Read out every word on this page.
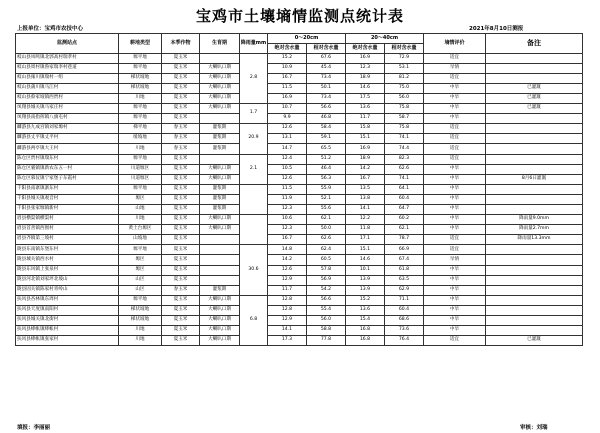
宝鸡市土壤墒情监测点统计表
上报单位：宝鸡市农技中心	2021年8月10日测报
监测站点	耕地类型	本季作物	生育期	降雨量mm	0～20cm		20～40cm		墒情评价	备注
					绝对含水量	相对含水量	绝对含水量	相对含水量		
岐山县凤鸣镇北郭高村瑞孝村	塬平地	夏玉米		2.8	15.2	67.6	16.9	72.9	适宜	
岐山县周村镇鲁家瑞李村巷道	塬平地	夏玉米	大喇叭口期		10.9	45.4	12.3	53.1	旱情	
岐山县雍川镇瑞村一组	梯状坡地	夏玉米	大喇叭口期		16.7	73.4	18.9	81.2	适宜	
岐山县蒲川镇马江村	梯状坡地	夏玉米	大喇叭口期		11.5	50.1	14.6	75.0	中旱	已灌溉
岐山县蔡家坡镇西贾村	川地	夏玉米	大喇叭口期		16.9	73.4	17.5	56.0	中旱	已灌溉
凤翔县城关镇马家庄村	塬平地	夏玉米	大喇叭口期	1.7	10.7	56.6	13.6	75.8	中旱	已灌溉
凤翔县南指挥镇八旗屯村	塬平地	夏玉米			9.9	46.8	11.7	58.7	中旱	
麟游县九成宫镇刘家塬村	梯平地	春玉米	灌浆期	20.9	12.6	58.4	15.8	75.8	适宜	
麟游县丈平镇丈平村	缓坡地	春玉米	灌浆期		13.1	59.1	15.1	74.1	适宜	
麟游县两亭镇大王村	川地	春玉米	灌浆期		14.7	65.5	16.9	74.4	适宜	
陈仓区贾村镇瑞东村	塬平地	夏玉米		2.1	12.4	51.2	18.9	82.3	适宜	
陈仓区虢镇镇新农东五一村	川道塬区	夏玉米	大喇叭口期		10.5	46.4	14.2	62.6	中旱	
陈仓区慕仪镇宁家堡子东霞村	川道塬区	夏玉米	大喇叭口期		12.6	56.3	16.7	74.1	中旱	8月6日灌溉
千阳县南寨镇寨东村	塬平地	夏玉米	灌浆期		11.5	55.9	13.5	64.1	中旱	
千阳县城关镇观音村	塬区	夏玉米	灌浆期		11.9	52.1	13.8	60.4	中旱	
千阳县张家塬镇新村	山地	夏玉米	灌浆期		12.3	55.6	14.1	64.7	中旱	
眉县横渠镇横渠村	川地	夏玉米	大喇叭口期		10.6	62.1	12.2	60.2	中旱	降雨量9.0mm
眉县首善镇西围村	黄土台塬区	夏玉米	大喇叭口期		12.3	50.0	11.8	62.1	中旱	降雨量2.7mm
眉县齐镇第三坡村	山坡地	夏玉米			16.7	62.6	17.1	78.7	适宜	降雨量13.3mm
陇县东南镇东堡东村	塬平地	夏玉米		30.6	14.8	62.4	15.1	66.9	适宜	
陇县城关镇西水村	塬区	夏玉米			14.2	60.5	14.6	67.4	旱情	
陇县东风镇上张泉村	塬区	夏玉米			12.6	57.8	10.1	61.8	中旱	
陇县河北镇刘家坪北坡山	山区	夏玉米			12.9	56.9	13.9	63.5	中旱	
陇县固关镇陈家村青岭山	山区	春玉米	灌浆期		11.7	54.2	13.9	62.9	中旱	
扶风县杏林镇东周村	塬平地	夏玉米	大喇叭口期	6.8	12.8	56.6	15.2	71.1	中旱	
扶风县天度镇南阳村	梯状坡地	夏玉米	大喇叭口期		12.8	55.4	13.6	60.4	中旱	
扶风县城关镇北街村	梯状坡地	夏玉米	大喇叭口期		12.9	56.0	15.4	68.6	中旱	
扶风县绛帐镇绛帐村	川地	夏玉米	大喇叭口期		14.1	58.8	16.8	73.6	中旱	
扶风县绛帐镇张家村	川地	夏玉米	大喇叭口期		17.3	77.8	16.8	76.4	适宜	已灌溉
填报：李丽丽	审核：刘瑞
